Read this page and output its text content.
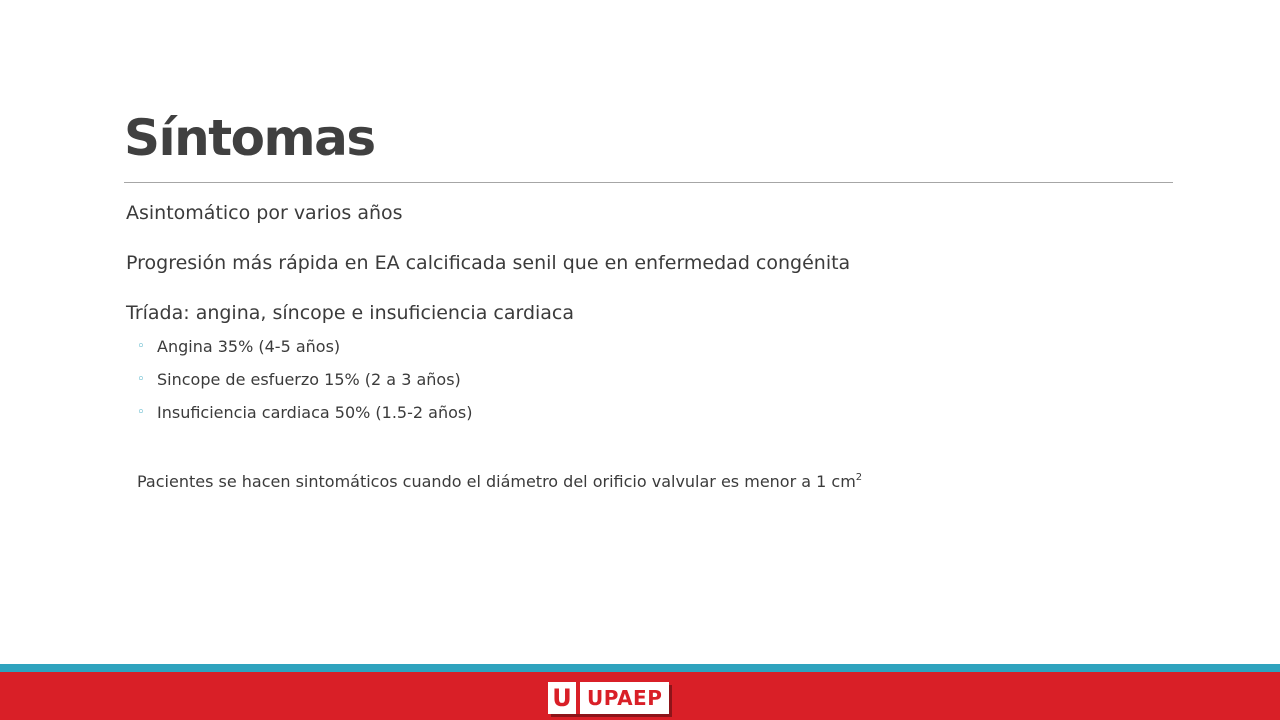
Síntomas

Asintomático por varios años

Progresión más rápida en EA calcificada senil que en enfermedad congénita

Tríada: angina, síncope e insuficiencia cardiaca

◦ Angina 35% (4-5 años)
◦ Sincope de esfuerzo 15% (2 a 3 años)
◦ Insuficiencia cardiaca 50% (1.5-2 años)
Pacientes se hacen sintomáticos cuando el diámetro del orificio valvular es menor a 1 $cm^2$
U UPAEP
